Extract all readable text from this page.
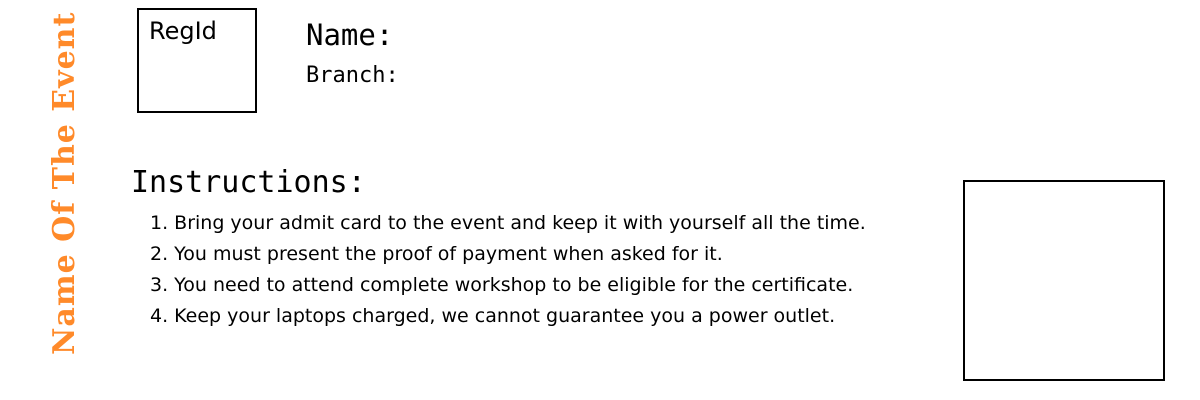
Name Of The Event	RegId	Name:
Branch:
Instructions:
1. Bring your admit card to the event and keep it with yourself all the time.
2. You must present the proof of payment when asked for it.
3. You need to attend complete workshop to be eligible for the certificate.
4. Keep your laptops charged, we cannot guarantee you a power outlet.
